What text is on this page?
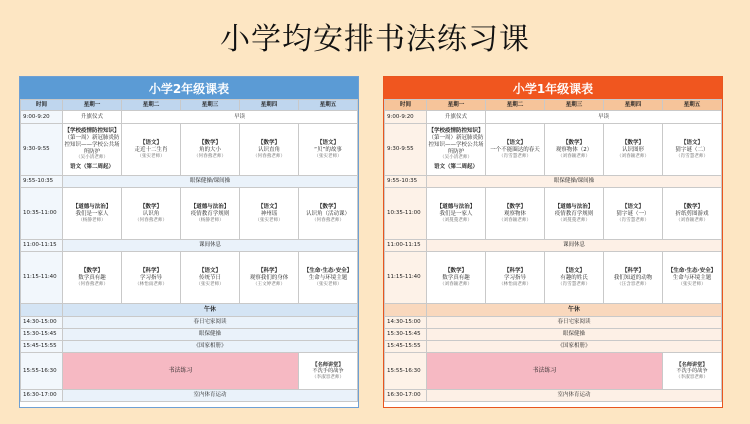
小学均安排书法练习课
小学2年级课表
时间	星期一	星期二	星期三	星期四	星期五
9:00-9:20	升旗仪式	早读			
9:30-9:55	【学校疫情防控知识】
（第一周）新冠肺炎防控知识——学校公共场所防护
（吴小清老师）
语文（第二周起）	【语文】
走近十二生肖
（张实老师）	【数学】
角的大小
（何春燕老师）	【数学】
认识直角
（何春燕老师）	【语文】
“贝”的故事
（张实老师）

9:55-10:35	眼保健操/课间操				
10:35-11:00	【道德与法治】
我们是一家人
（杨静老师）	【数学】
认识角
（何春燕老师）	【道德与法治】
疫情教育学规则
（杨静老师）	【语文】
神州谣
（张实老师）	【数学】
认识角（活动课）
（何春燕老师）

11:00-11:15	课间休息				
11:15-11:40	【数学】
数学真有趣
（何春燕老师）	【科学】
学习指导
（林怡雨老师）	【语文】
传统节日
（张实老师）	【科学】
观察我们的身体
（王文婷老师）	【生命·生态·安全】
生命与环境主题
（张实老师）

	午休				
14:30-15:00	春日宅家阅读				
15:30-15:45	眼保健操				
15:45-15:55	《国家相册》				
15:55-16:30	书法练习				【名师讲堂】
不洗手的战争
（李淑容老师）

16:30-17:00	室内体育运动				
小学1年级课表
时间	星期一	星期二	星期三	星期四	星期五
9:00-9:20	升旗仪式	早读			
9:30-9:55	【学校疫情防控知识】
（第一周）新冠肺炎防控知识——学校公共场所防护
（吴小清老师）
语文（第二周起）	【语文】
一个不能圈达的春天
（肖雪慧老师）	【数学】
观察物体（2）
（刘春颖老师）	【数学】
认识图形
（刘春颖老师）	【语文】
猜字谜（二）
（肖雪慧老师）

9:55-10:35	眼保健操/课间操				
10:35-11:00	【道德与法治】
我们是一家人
（刘蔓蔓老师）	【数学】
观察物体
（刘春颖老师）	【道德与法治】
疫情教育学规则
（刘蔓蔓老师）	【语文】
猜字谜（一）
（肖雪慧老师）	【数学】
折纸剪图游戏
（刘春颖老师）

11:00-11:15	课间休息				
11:15-11:40	【数学】
数学真有趣
（刘春颖老师）	【科学】
学习指导
（林怡雨老师）	【语文】
有趣的姓氏
（肖雪慧老师）	【科学】
我们知道的动物
（汪含容老师）	【生命·生态·安全】
生命与环境主题
（张实老师）

	午休				
14:30-15:00	春日宅家阅读				
15:30-15:45	眼保健操				
15:45-15:55	《国家相册》				
15:55-16:30	书法练习				【名师讲堂】
不洗手的战争
（李淑容老师）

16:30-17:00	室内体育运动				
